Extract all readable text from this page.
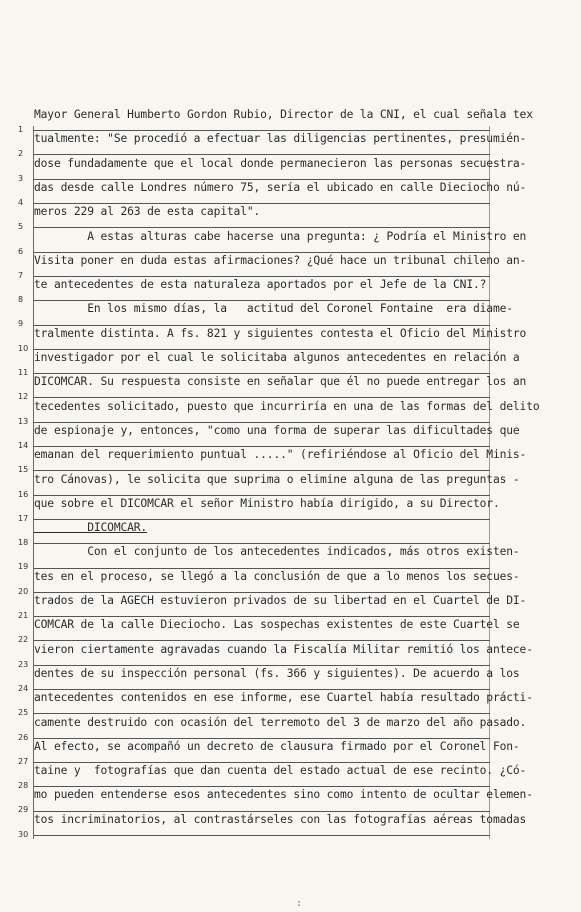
Mayor General Humberto Gordon Rubio, Director de la CNI, el cual señala tex
1
tualmente: "Se procedió a efectuar las diligencias pertinentes, presumién-
2
dose fundadamente que el local donde permanecieron las personas secuestra-
3
das desde calle Londres número 75, sería el ubicado en calle Dieciocho nú-
4
meros 229 al 263 de esta capital".
5
A estas alturas cabe hacerse una pregunta: ¿ Podría el Ministro en
6
Visita poner en duda estas afirmaciones? ¿Qué hace un tribunal chileno an-
7
te antecedentes de esta naturaleza aportados por el Jefe de la CNI.?
8
En los mismo días, la   actitud del Coronel Fontaine  era diame-
9
tralmente distinta. A fs. 821 y siguientes contesta el Oficio del Ministro
10
investigador por el cual le solicitaba algunos antecedentes en relación a
11
DICOMCAR. Su respuesta consiste en señalar que él no puede entregar los an
12
tecedentes solicitado, puesto que incurriría en una de las formas del delito
13
de espionaje y, entonces, "como una forma de superar las dificultades que
14
emanan del requerimiento puntual ....." (refiriéndose al Oficio del Minis-
15
tro Cánovas), le solicita que suprima o elimine alguna de las preguntas -
16
que sobre el DICOMCAR el señor Ministro había dirigido, a su Director.
17
DICOMCAR.
18
Con el conjunto de los antecedentes indicados, más otros existen-
19
tes en el proceso, se llegó a la conclusión de que a lo menos los secues-
20
trados de la AGECH estuvieron privados de su libertad en el Cuartel de DI-
21
COMCAR de la calle Dieciocho. Las sospechas existentes de este Cuartel se
22
vieron ciertamente agravadas cuando la Fiscalía Militar remitió los antece-
23
dentes de su inspección personal (fs. 366 y siguientes). De acuerdo a los
24
antecedentes contenidos en ese informe, ese Cuartel había resultado prácti-
25
camente destruido con ocasión del terremoto del 3 de marzo del año pasado.
26
Al efecto, se acompañó un decreto de clausura firmado por el Coronel Fon-
27
taine y  fotografías que dan cuenta del estado actual de ese recinto. ¿Có-
28
mo pueden entenderse esos antecedentes sino como intento de ocultar elemen-
29
tos incriminatorios, al contrastárseles con las fotografías aéreas tomadas
30
:
